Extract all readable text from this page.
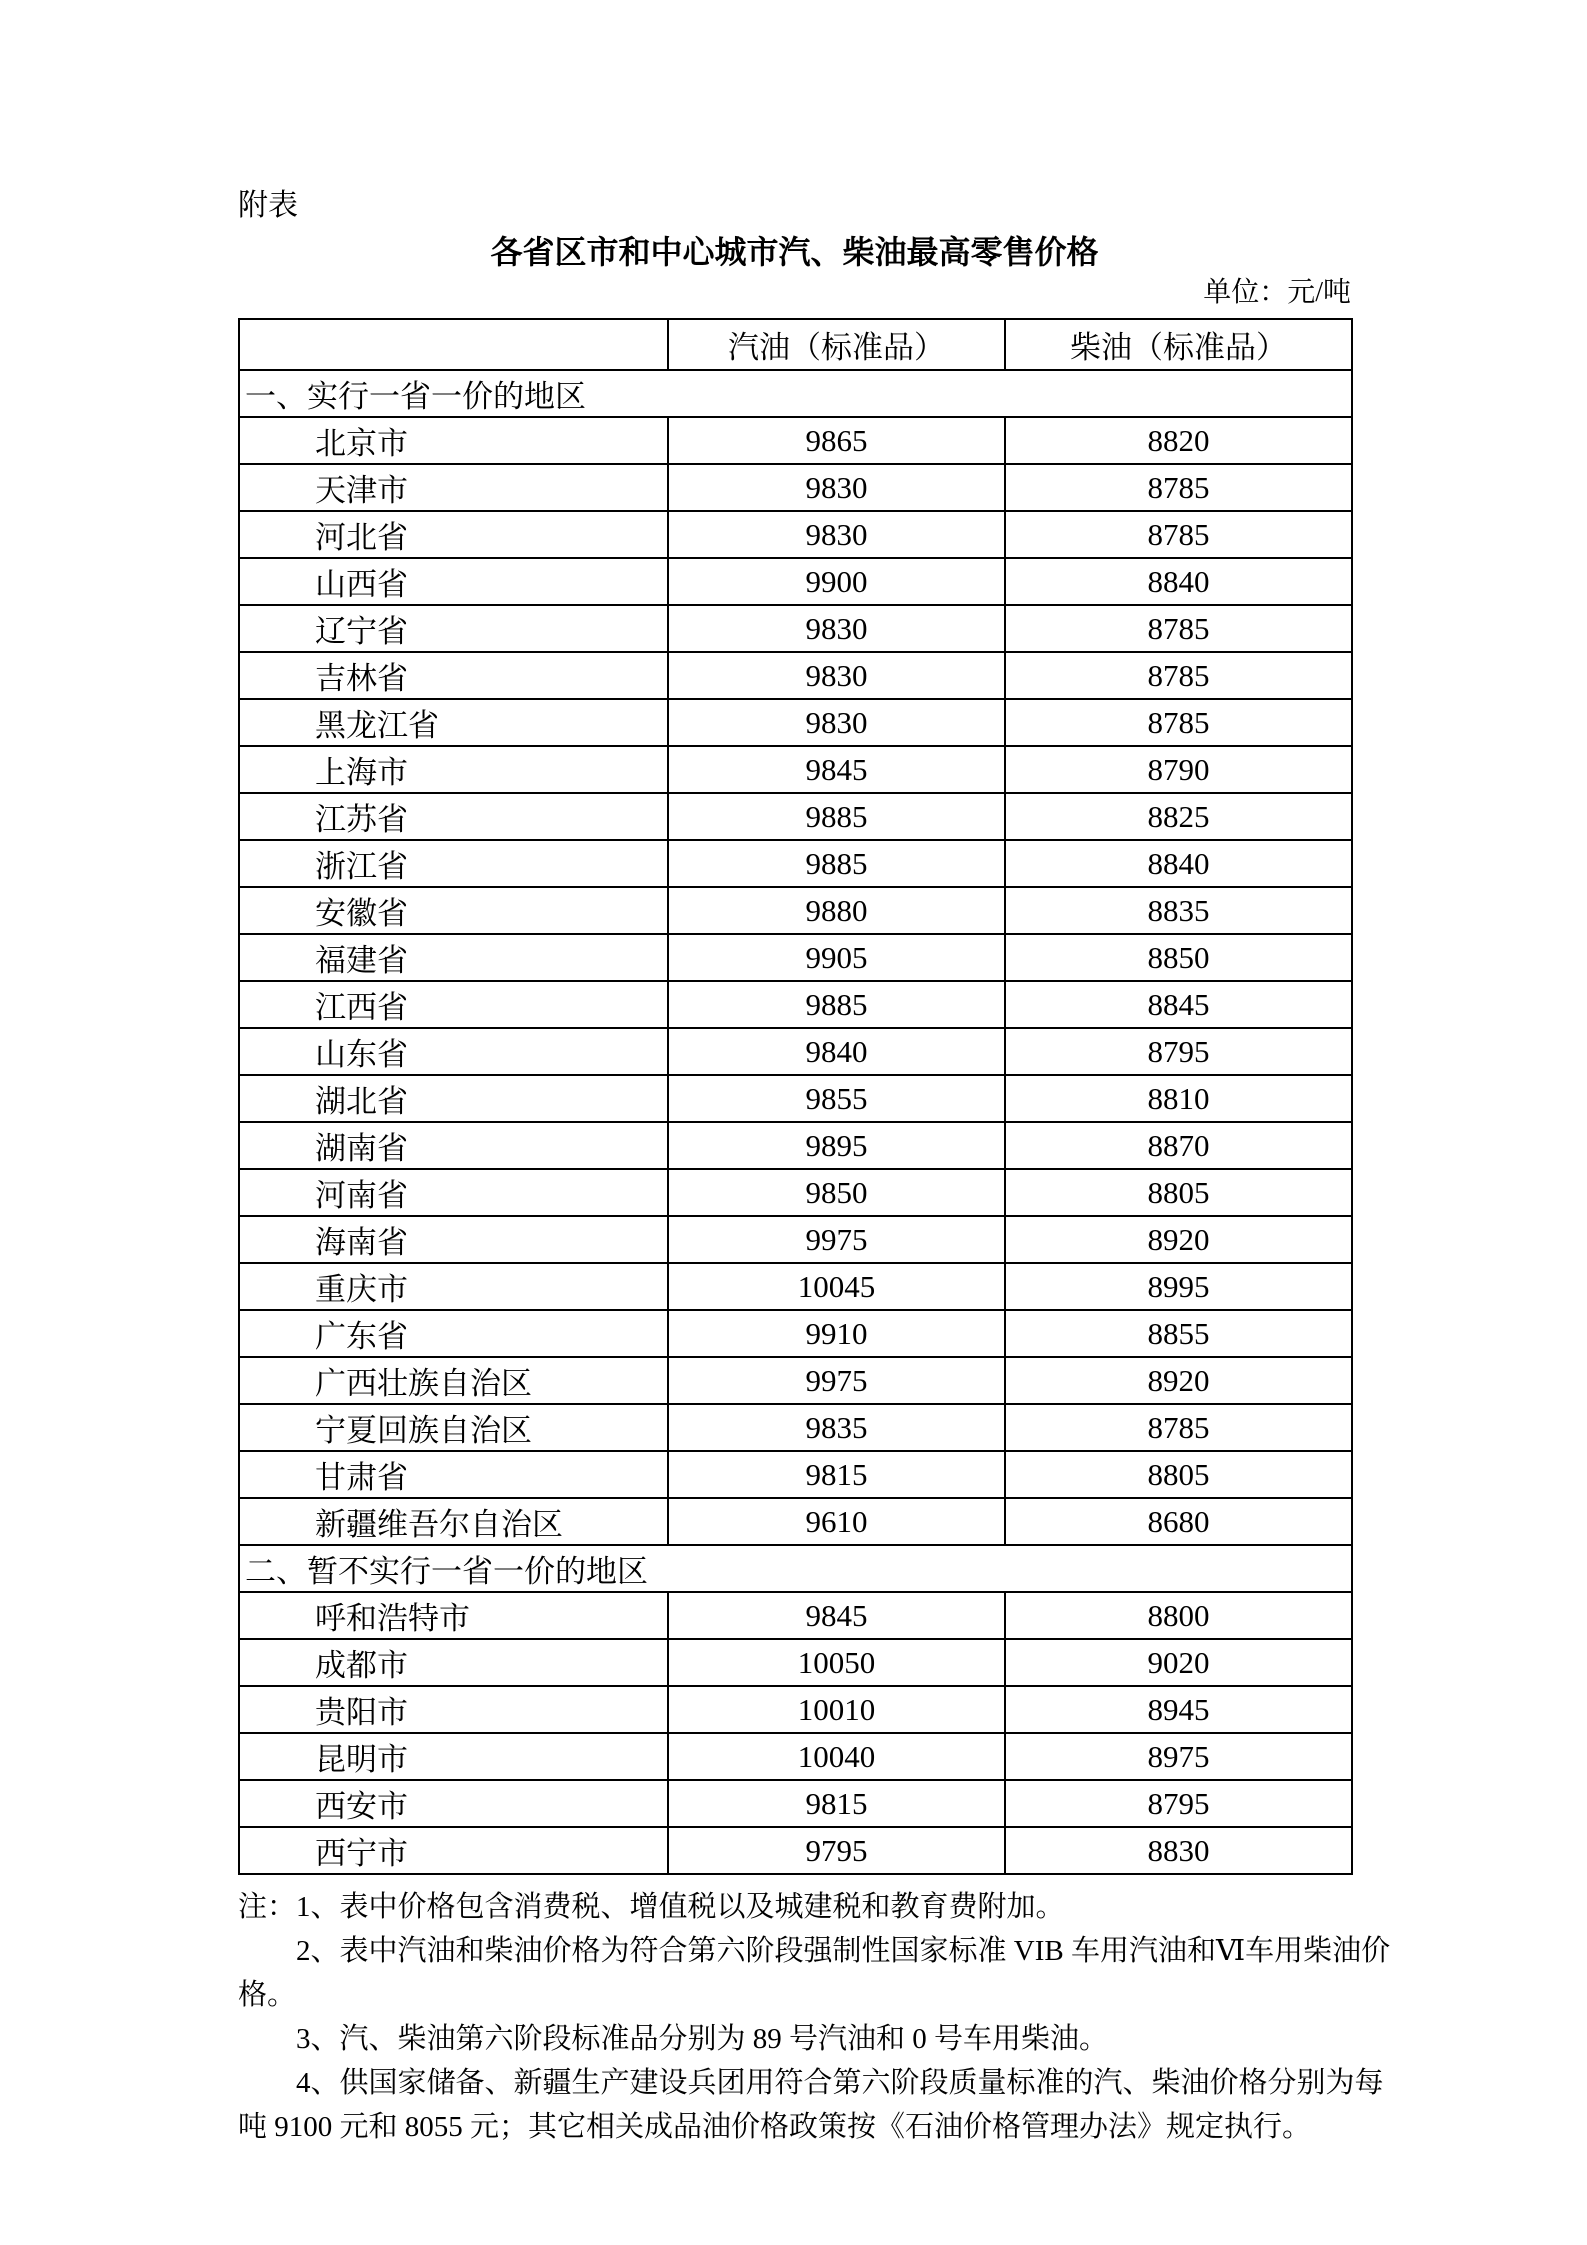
附表
各省区市和中心城市汽、柴油最高零售价格
单位：元/吨
	汽油（标准品）	柴油（标准品）
一、实行一省一价的地区		
北京市	9865	8820
天津市	9830	8785
河北省	9830	8785
山西省	9900	8840
辽宁省	9830	8785
吉林省	9830	8785
黑龙江省	9830	8785
上海市	9845	8790
江苏省	9885	8825
浙江省	9885	8840
安徽省	9880	8835
福建省	9905	8850
江西省	9885	8845
山东省	9840	8795
湖北省	9855	8810
湖南省	9895	8870
河南省	9850	8805
海南省	9975	8920
重庆市	10045	8995
广东省	9910	8855
广西壮族自治区	9975	8920
宁夏回族自治区	9835	8785
甘肃省	9815	8805
新疆维吾尔自治区	9610	8680
二、暂不实行一省一价的地区		
呼和浩特市	9845	8800
成都市	10050	9020
贵阳市	10010	8945
昆明市	10040	8975
西安市	9815	8795
西宁市	9795	8830
注：1、表中价格包含消费税、增值税以及城建税和教育费附加。
　　2、表中汽油和柴油价格为符合第六阶段强制性国家标准 VIB 车用汽油和Ⅵ车用柴油价
格。
　　3、汽、柴油第六阶段标准品分别为 89 号汽油和 0 号车用柴油。
　　4、供国家储备、新疆生产建设兵团用符合第六阶段质量标准的汽、柴油价格分别为每
吨 9100 元和 8055 元；其它相关成品油价格政策按《石油价格管理办法》规定执行。
